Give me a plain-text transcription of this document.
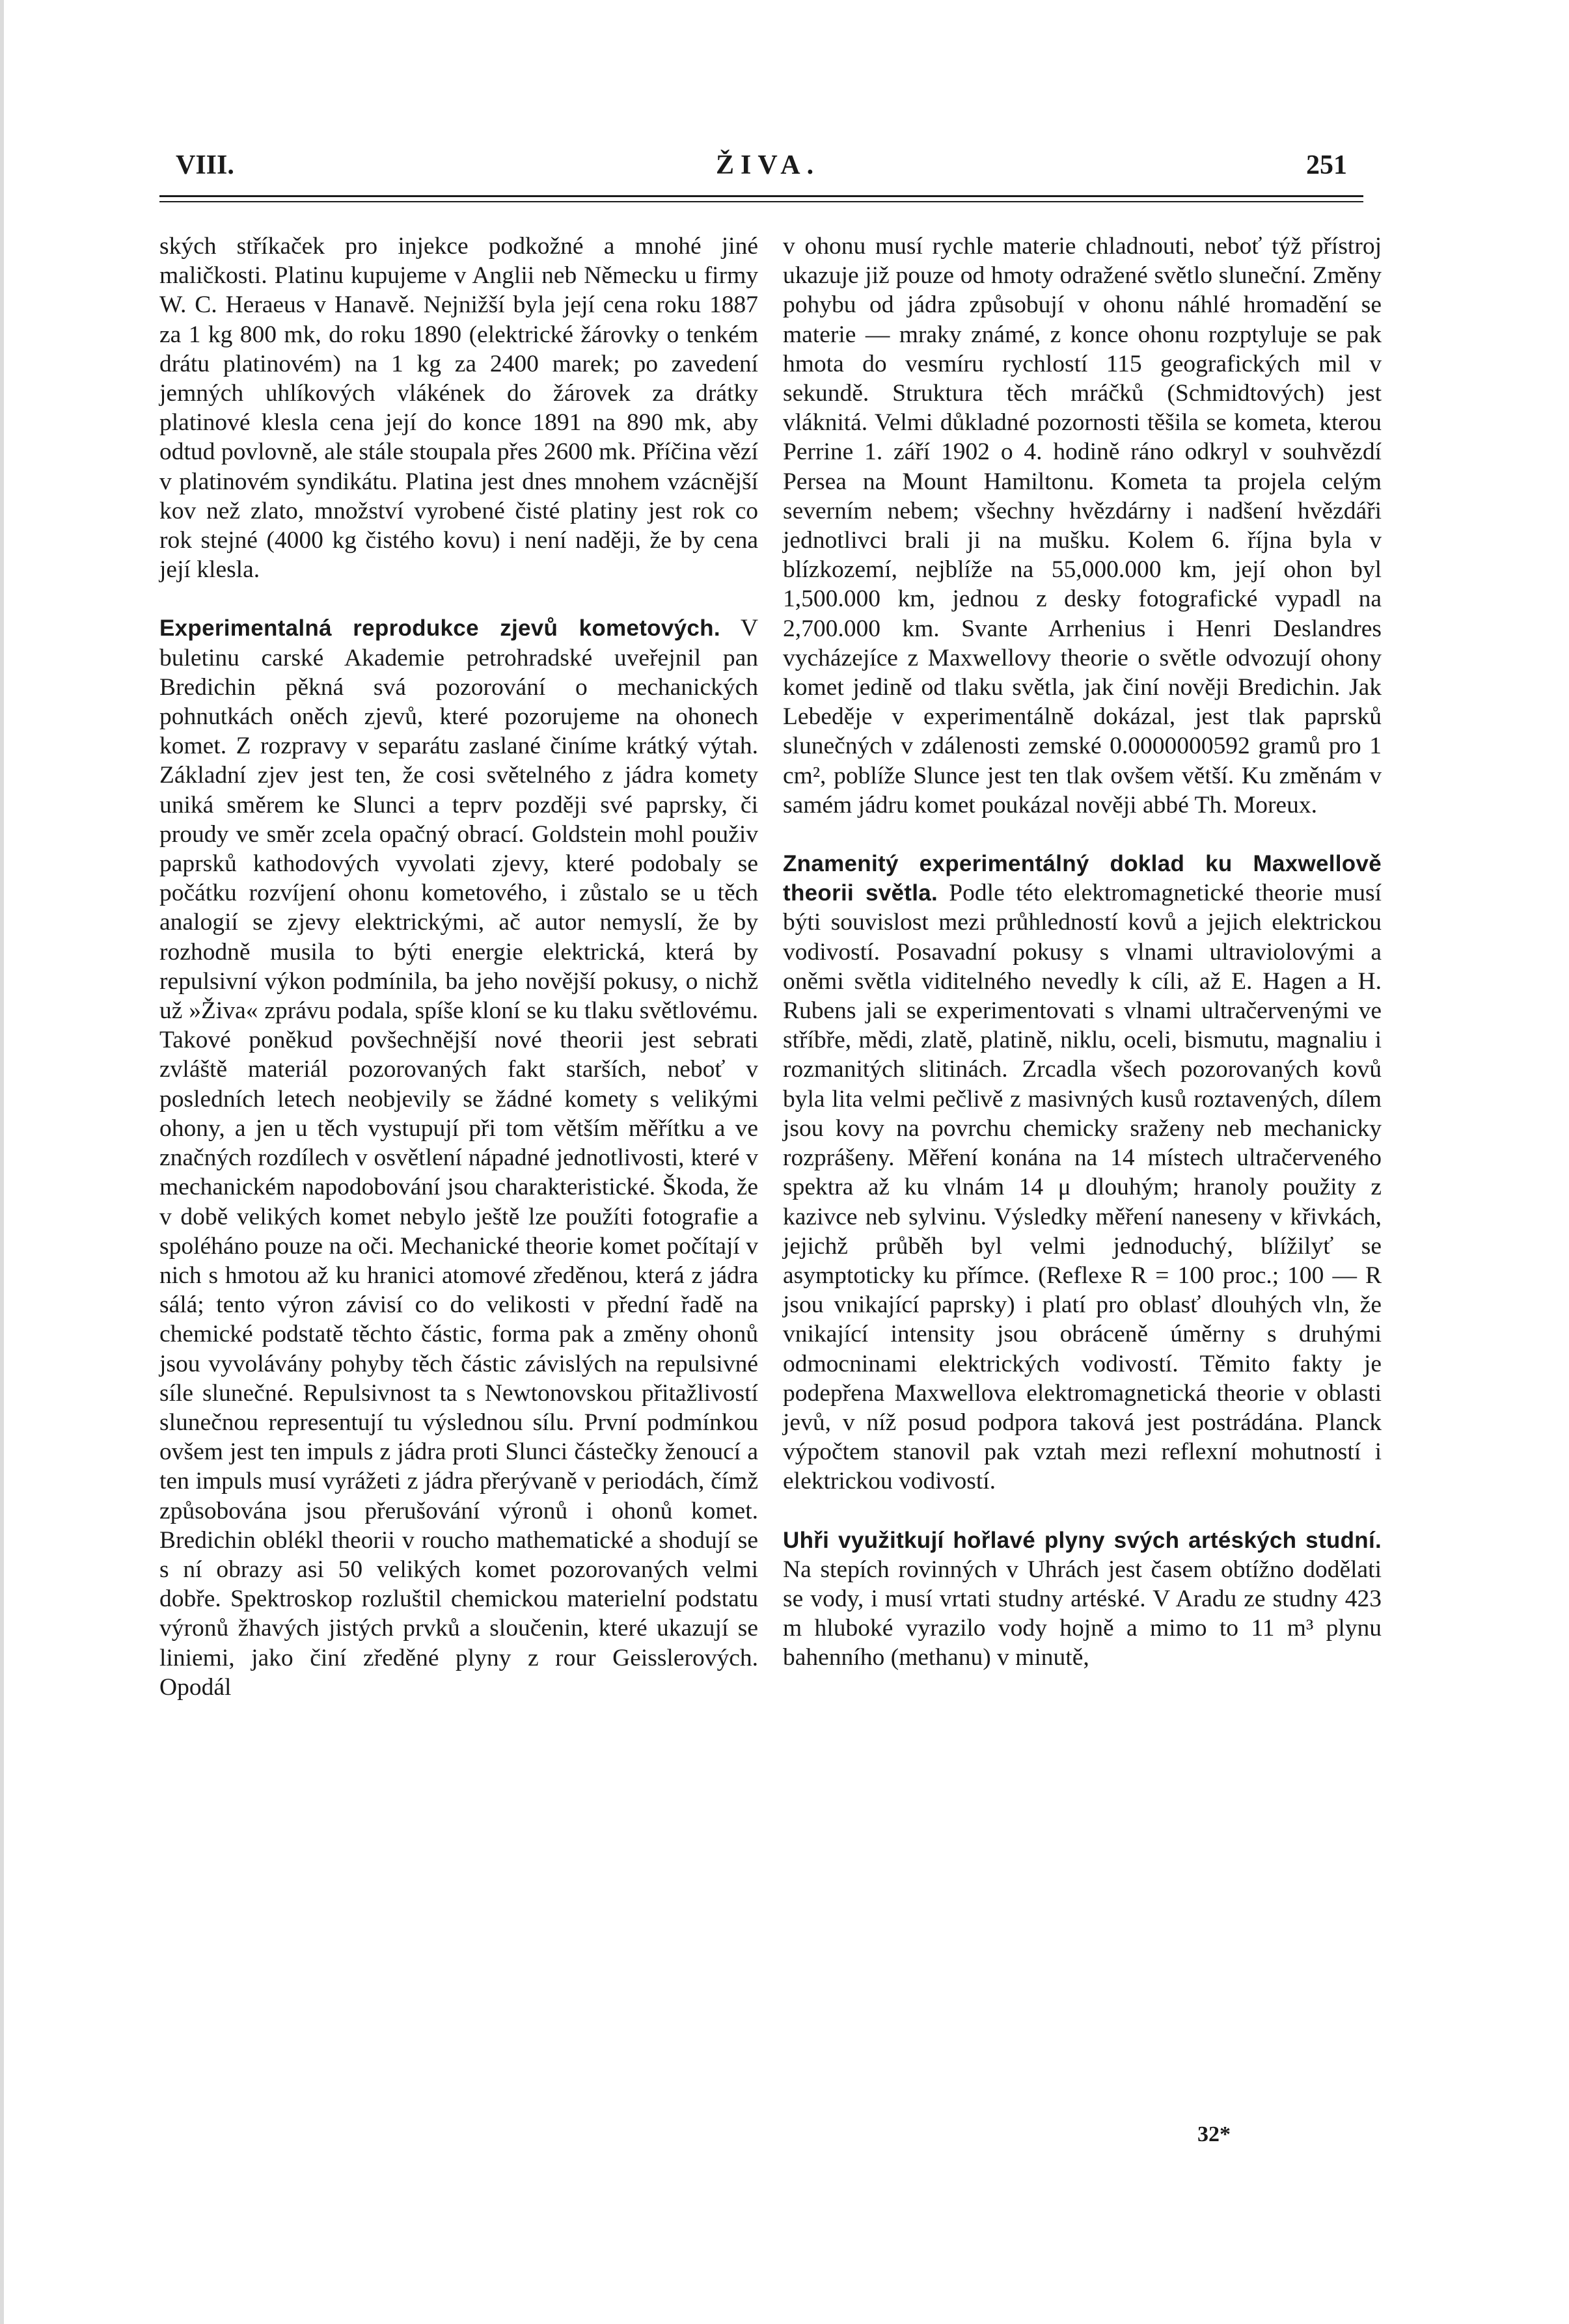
VIII.	ŽIVA.	251

ských stříkaček pro injekce podkožné a mnohé jiné maličkosti. Platinu kupujeme v Anglii neb Německu u firmy W. C. Heraeus v Hanavě. Nejnižší byla její cena roku 1887 za 1 kg 800 mk, do roku 1890 (elektrické žárovky o tenkém drátu platinovém) na 1 kg za 2400 marek; po zavedení jemných uhlíkových vlákének do žárovek za drátky platinové klesla cena její do konce 1891 na 890 mk, aby odtud povlovně, ale stále stoupala přes 2600 mk. Příčina vězí v platinovém syndikátu. Platina jest dnes mnohem vzácnější kov než zlato, množství vyrobené čisté platiny jest rok co rok stejné (4000 kg čistého kovu) i není naději, že by cena její klesla.

Experimentalná reprodukce zjevů kometových. V buletinu carské Akademie petrohradské uveřejnil pan Bredichin pěkná svá pozorování o mechanických pohnutkách oněch zjevů, které pozorujeme na ohonech komet. Z rozpravy v separátu zaslané činíme krátký výtah. Základní zjev jest ten, že cosi světelného z jádra komety uniká směrem ke Slunci a teprv později své paprsky, či proudy ve směr zcela opačný obrací. Goldstein mohl použiv paprsků kathodových vyvolati zjevy, které podobaly se počátku rozvíjení ohonu kometového, i zůstalo se u těch analogií se zjevy elektrickými, ač autor nemyslí, že by rozhodně musila to býti energie elektrická, která by repulsivní výkon podmínila, ba jeho novější pokusy, o nichž už »Živa« zprávu podala, spíše kloní se ku tlaku světlovému. Takové poněkud povšechnější nové theorii jest sebrati zvláště materiál pozorovaných fakt starších, neboť v posledních letech neobjevily se žádné komety s velikými ohony, a jen u těch vystupují při tom větším měřítku a ve značných rozdílech v osvětlení nápadné jednotlivosti, které v mechanickém napodobování jsou charakteristické. Škoda, že v době velikých komet nebylo ještě lze použíti fotografie a spoléháno pouze na oči. Mechanické theorie komet počítají v nich s hmotou až ku hranici atomové zředěnou, která z jádra sálá; tento výron závisí co do velikosti v přední řadě na chemické podstatě těchto částic, forma pak a změny ohonů jsou vyvolávány pohyby těch částic závislých na repulsivné síle slunečné. Repulsivnost ta s Newtonovskou přitažlivostí slunečnou representují tu výslednou sílu. První podmínkou ovšem jest ten impuls z jádra proti Slunci částečky ženoucí a ten impuls musí vyrážeti z jádra přerývaně v periodách, čímž způsobována jsou přerušování výronů i ohonů komet. Bredichin oblékl theorii v roucho mathematické a shodují se s ní obrazy asi 50 velikých komet pozorovaných velmi dobře. Spektroskop rozluštil chemickou materielní podstatu výronů žhavých jistých prvků a sloučenin, které ukazují se liniemi, jako činí zředěné plyny z rour Geisslerových. Opodál

v ohonu musí rychle materie chladnouti, neboť týž přístroj ukazuje již pouze od hmoty odražené světlo sluneční. Změny pohybu od jádra způsobují v ohonu náhlé hromadění se materie — mraky známé, z konce ohonu rozptyluje se pak hmota do vesmíru rychlostí 115 geografických mil v sekundě. Struktura těch mráčků (Schmidtových) jest vláknitá. Velmi důkladné pozornosti těšila se kometa, kterou Perrine 1. září 1902 o 4. hodině ráno odkryl v souhvězdí Persea na Mount Hamiltonu. Kometa ta projela celým severním nebem; všechny hvězdárny i nadšení hvězdáři jednotlivci brali ji na mušku. Kolem 6. října byla v blízkozemí, nejblíže na 55,000.000 km, její ohon byl 1,500.000 km, jednou z desky fotografické vypadl na 2,700.000 km. Svante Arrhenius i Henri Deslandres vycházejíce z Maxwellovy theorie o světle odvozují ohony komet jedině od tlaku světla, jak činí nověji Bredichin. Jak Lebeděje v experimentálně dokázal, jest tlak paprsků slunečných v zdálenosti zemské 0.0000000592 gramů pro 1 cm², poblíže Slunce jest ten tlak ovšem větší. Ku změnám v samém jádru komet poukázal nověji abbé Th. Moreux.

Znamenitý experimentálný doklad ku Maxwellově theorii světla. Podle této elektromagnetické theorie musí býti souvislost mezi průhledností kovů a jejich elektrickou vodivostí. Posavadní pokusy s vlnami ultraviolovými a oněmi světla viditelného nevedly k cíli, až E. Hagen a H. Rubens jali se experimentovati s vlnami ultračervenými ve stříbře, mědi, zlatě, platině, niklu, oceli, bismutu, magnaliu i rozmanitých slitinách. Zrcadla všech pozorovaných kovů byla lita velmi pečlivě z masivných kusů roztavených, dílem jsou kovy na povrchu chemicky sraženy neb mechanicky rozprášeny. Měření konána na 14 místech ultračerveného spektra až ku vlnám 14 μ dlouhým; hranoly použity z kazivce neb sylvinu. Výsledky měření naneseny v křivkách, jejichž průběh byl velmi jednoduchý, blížilyť se asymptoticky ku přímce. (Reflexe R = 100 proc.; 100 — R jsou vnikající paprsky) i platí pro oblasť dlouhých vln, že vnikající intensity jsou obráceně úměrny s druhými odmocninami elektrických vodivostí. Těmito fakty je podepřena Maxwellova elektromagnetická theorie v oblasti jevů, v níž posud podpora taková jest postrádána. Planck výpočtem stanovil pak vztah mezi reflexní mohutností i elektrickou vodivostí.

Uhři využitkují hořlavé plyny svých artéských studní. Na stepích rovinných v Uhrách jest časem obtížno dodělati se vody, i musí vrtati studny artéské. V Aradu ze studny 423 m hluboké vyrazilo vody hojně a mimo to 11 m³ plynu bahenního (methanu) v minutě,

32*
